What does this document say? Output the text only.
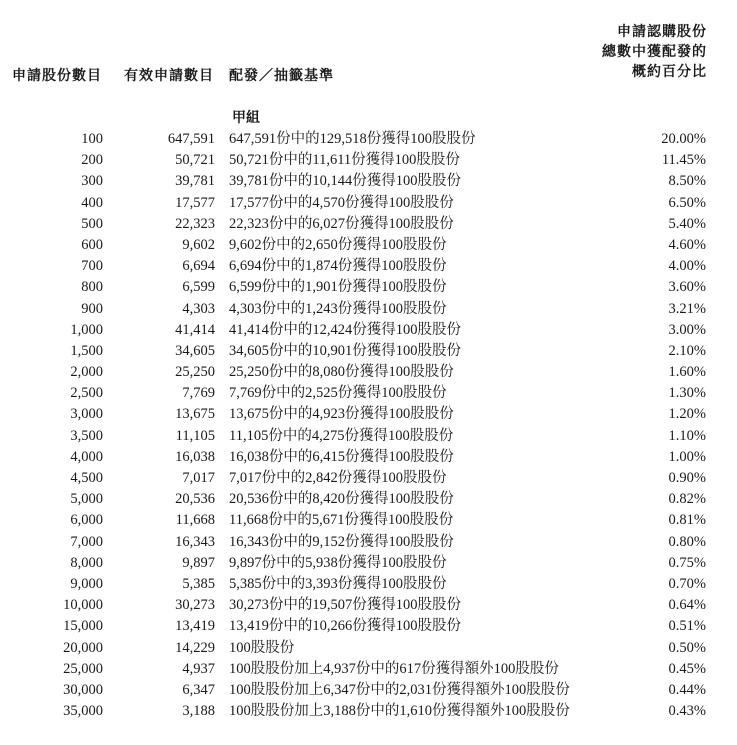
申請股份數目 有效申請數目 配發／抽籤基準
申請認購股份
總數中獲配發的
概約百分比
甲組
100	647,591 647,591份中的129,518份獲得100股股份	20.00%
200	50,721 50,721份中的11,611份獲得100股股份	11.45%
300	39,781 39,781份中的10,144份獲得100股股份	8.50%
400	17,577 17,577份中的4,570份獲得100股股份	6.50%
500	22,323 22,323份中的6,027份獲得100股股份	5.40%
600	9,602 9,602份中的2,650份獲得100股股份	4.60%
700	6,694 6,694份中的1,874份獲得100股股份	4.00%
800	6,599 6,599份中的1,901份獲得100股股份	3.60%
900	4,303 4,303份中的1,243份獲得100股股份	3.21%
1,000	41,414 41,414份中的12,424份獲得100股股份	3.00%
1,500	34,605 34,605份中的10,901份獲得100股股份	2.10%
2,000	25,250 25,250份中的8,080份獲得100股股份	1.60%
2,500	7,769 7,769份中的2,525份獲得100股股份	1.30%
3,000	13,675 13,675份中的4,923份獲得100股股份	1.20%
3,500	11,105 11,105份中的4,275份獲得100股股份	1.10%
4,000	16,038 16,038份中的6,415份獲得100股股份	1.00%
4,500	7,017 7,017份中的2,842份獲得100股股份	0.90%
5,000	20,536 20,536份中的8,420份獲得100股股份	0.82%
6,000	11,668 11,668份中的5,671份獲得100股股份	0.81%
7,000	16,343 16,343份中的9,152份獲得100股股份	0.80%
8,000	9,897 9,897份中的5,938份獲得100股股份	0.75%
9,000	5,385 5,385份中的3,393份獲得100股股份	0.70%
10,000	30,273 30,273份中的19,507份獲得100股股份	0.64%
15,000	13,419 13,419份中的10,266份獲得100股股份	0.51%
20,000	14,229 100股股份	0.50%
25,000	4,937 100股股份加上4,937份中的617份獲得額外100股股份	0.45%
30,000	6,347 100股股份加上6,347份中的2,031份獲得額外100股股份	0.44%
35,000	3,188 100股股份加上3,188份中的1,610份獲得額外100股股份	0.43%
